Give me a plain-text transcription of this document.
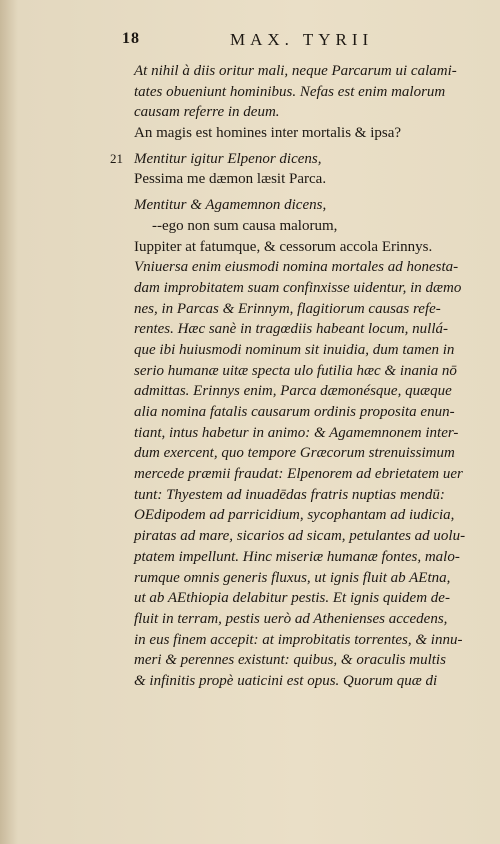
18	MAX. TYRII
At nihil à diis oritur mali, neque Parcarum ui calami-
tates obueniunt hominibus. Nefas est enim malorum
causam referre in deum.
An magis est homines inter mortalis & ipsa?
21 Mentitur igitur Elpenor dicens,
Pessima me dæmon læsit Parca.
Mentitur & Agamemnon dicens,
--ego non sum causa malorum,
Iuppiter at fatumque, & cessorum accola Erinnys.
Vniuersa enim eiusmodi nomina mortales ad honesta-
dam improbitatem suam confinxisse uidentur, in dæmo
nes, in Parcas & Erinnym, flagitiorum causas refe-
rentes. Hæc sanè in tragœdiis habeant locum, nullá-
que ibi huiusmodi nominum sit inuidia, dum tamen in
serio humanæ uitæ specta ulo futilia hæc & inania nō
admittas. Erinnys enim, Parca dæmonésque, quæque
alia nomina fatalis causarum ordinis proposita enun-
tiant, intus habetur in animo: & Agamemnonem inter-
dum exercent, quo tempore Græcorum strenuissimum
mercede præmii fraudat: Elpenorem ad ebrietatem uer
tunt: Thyestem ad inuadēdas fratris nuptias mendū:
OEdipodem ad parricidium, sycophantam ad iudicia,
piratas ad mare, sicarios ad sicam, petulantes ad uolu-
ptatem impellunt. Hinc miseriæ humanæ fontes, malo-
rumque omnis generis fluxus, ut ignis fluit ab AEtna,
ut ab AEthiopia delabitur pestis. Et ignis quidem de-
fluit in terram, pestis uerò ad Athenienses accedens,
in eus finem accepit: at improbitatis torrentes, & innu-
meri & perennes existunt: quibus, & oraculis multis
& infinitis propè uaticini est opus. Quorum quæ di
